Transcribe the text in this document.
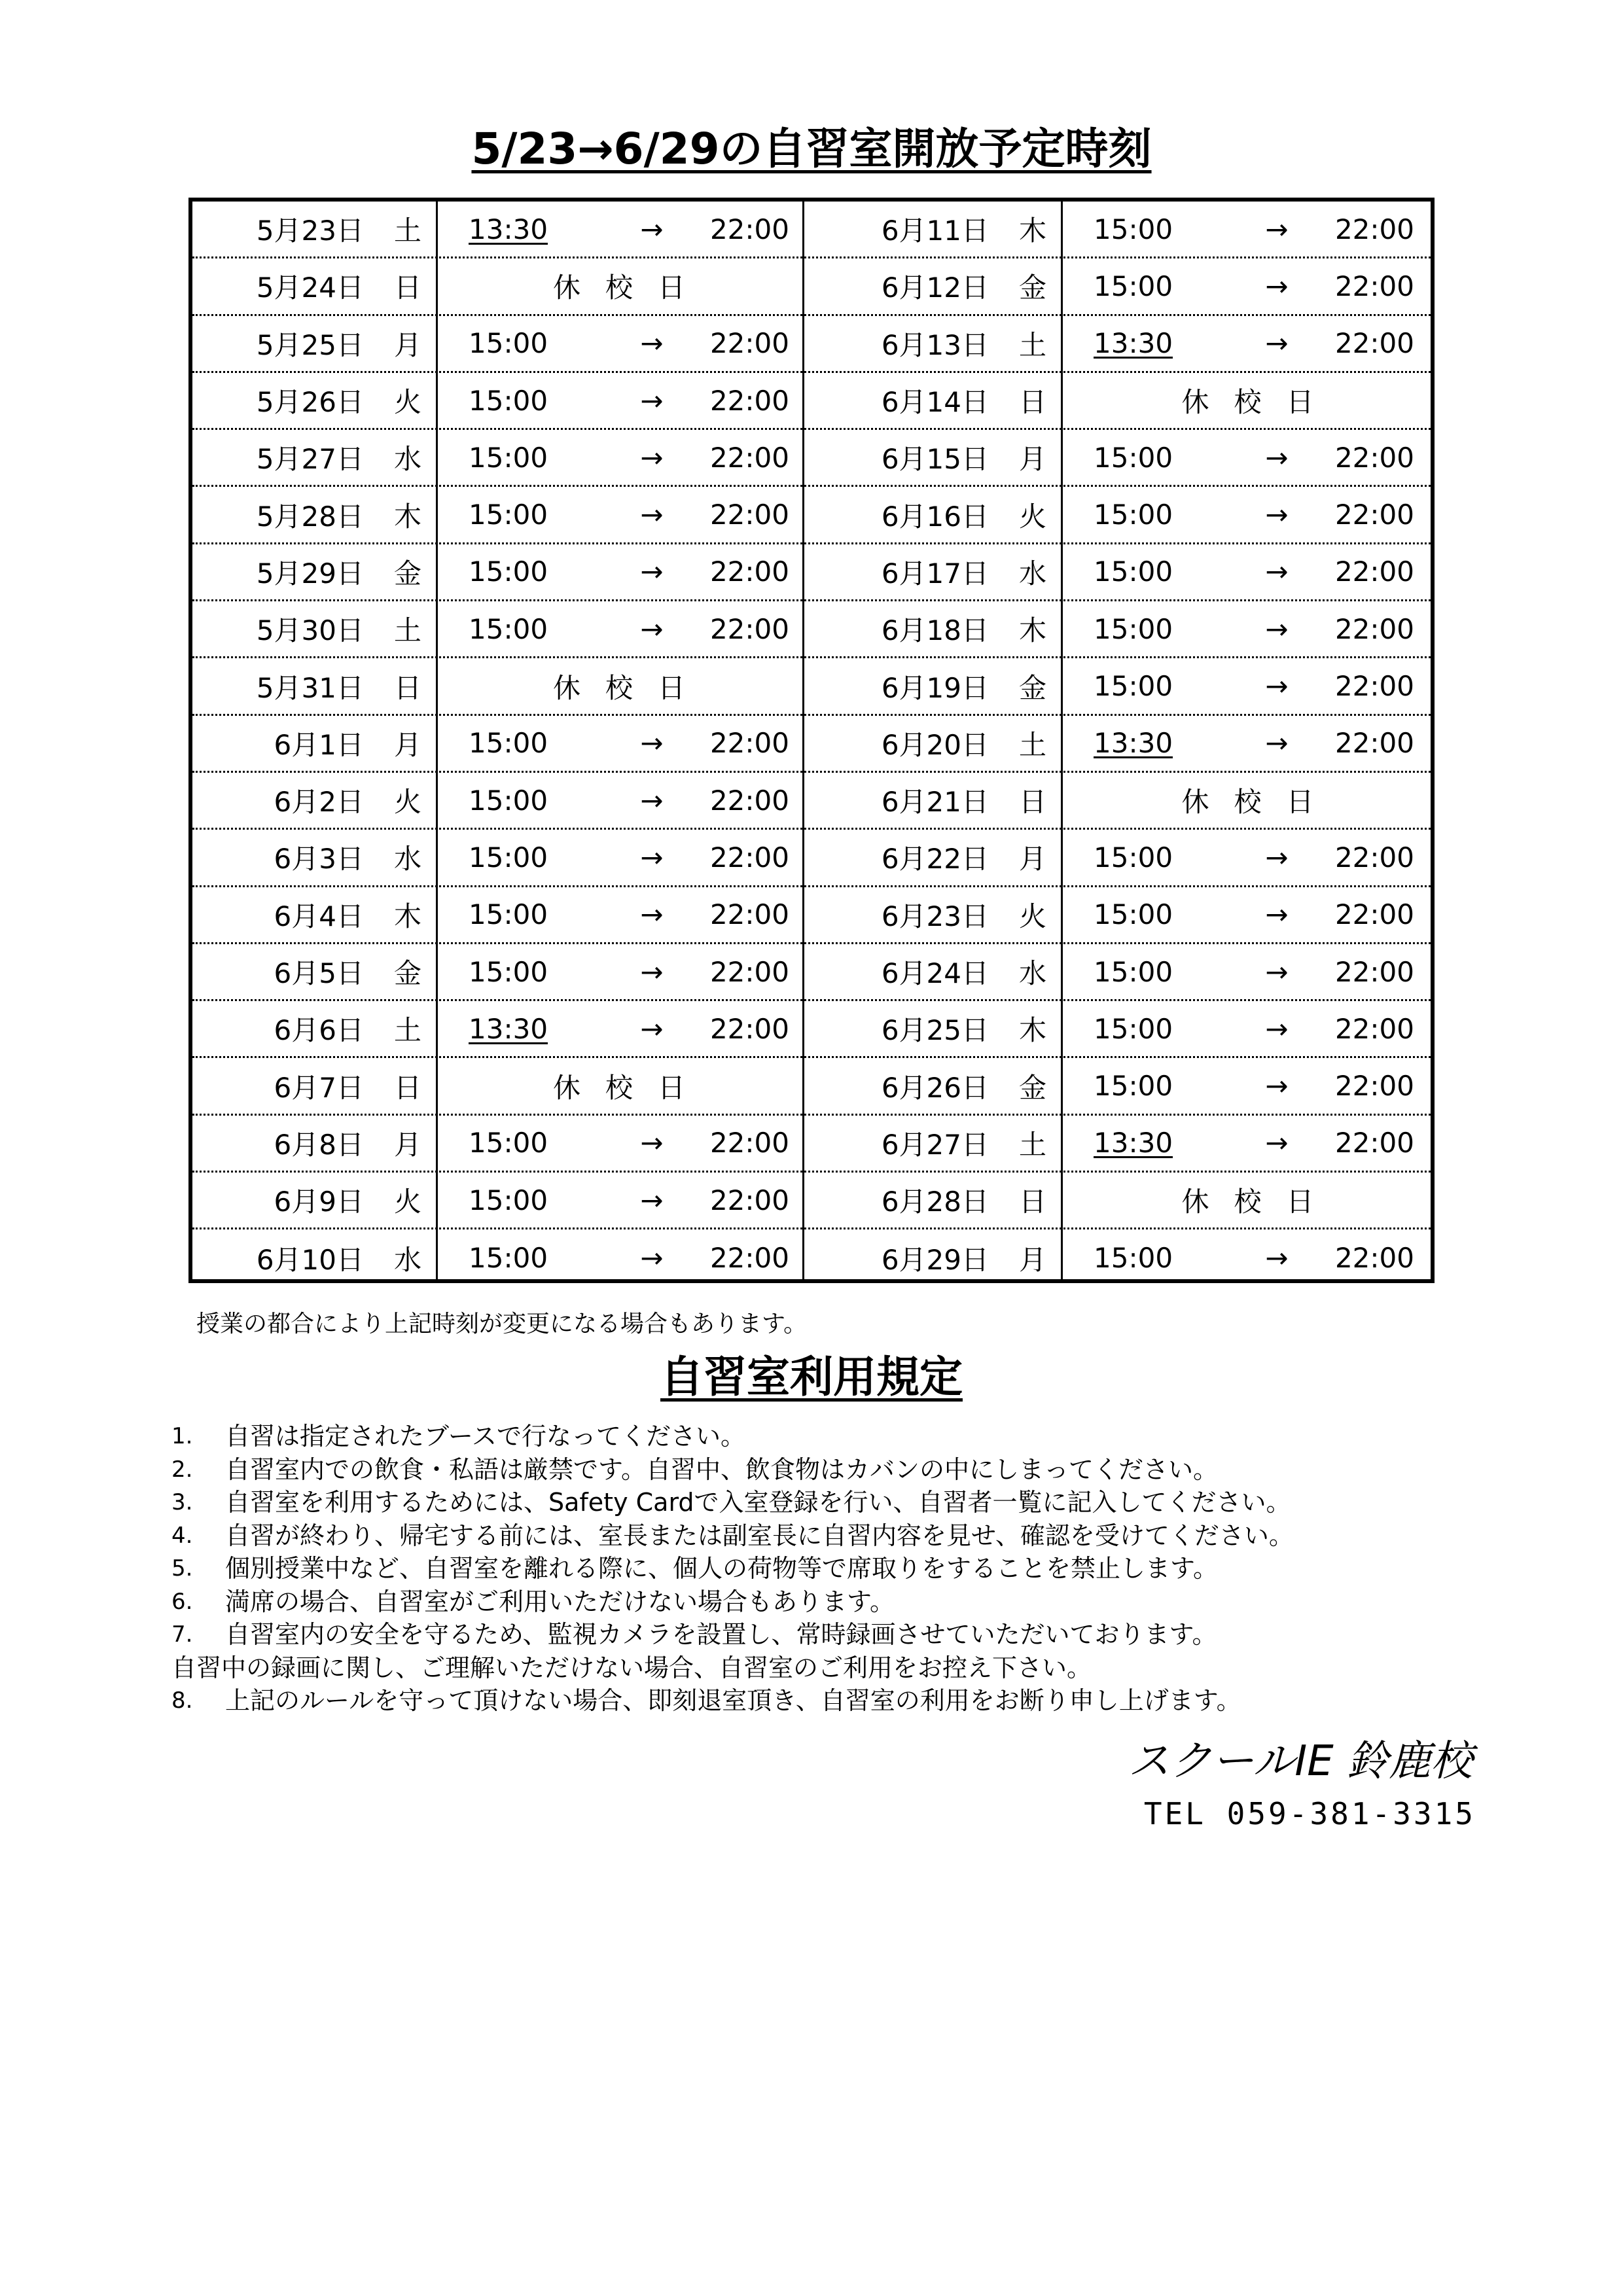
5/23→6/29の自習室開放予定時刻
5月23日 土 13:30	→	22:00
5月24日 日	休校日
5月25日 月 15:00	→	22:00
5月26日 火 15:00	→	22:00
5月27日 水 15:00	→	22:00
5月28日 木 15:00	→	22:00
5月29日 金 15:00	→	22:00
5月30日 土 15:00	→	22:00
5月31日 日	休校日
6月1日 月 15:00	→	22:00
6月2日 火 15:00	→	22:00
6月3日 水 15:00	→	22:00
6月4日 木 15:00	→	22:00
6月5日 金 15:00	→	22:00
6月6日 土 13:30	→	22:00
6月7日 日	休校日
6月8日 月 15:00	→	22:00
6月9日 火 15:00	→	22:00
6月10日 水 15:00	→	22:00
6月11日 木 15:00	→	22:00
6月12日 金 15:00	→	22:00
6月13日 土 13:30	→	22:00
6月14日 日	休校日
6月15日 月 15:00	→	22:00
6月16日 火 15:00	→	22:00
6月17日 水 15:00	→	22:00
6月18日 木 15:00	→	22:00
6月19日 金 15:00	→	22:00
6月20日 土 13:30	→	22:00
6月21日 日	休校日
6月22日 月 15:00	→	22:00
6月23日 火 15:00	→	22:00
6月24日 水 15:00	→	22:00
6月25日 木 15:00	→	22:00
6月26日 金 15:00	→	22:00
6月27日 土 13:30	→	22:00
6月28日 日	休校日
6月29日 月 15:00	→	22:00
授業の都合により上記時刻が変更になる場合もあります。
自習室利用規定
1.	自習は指定されたブースで行なってください。
2.	自習室内での飲食・私語は厳禁です。自習中、飲食物はカバンの中にしまってください。
3.	自習室を利用するためには、Safety Cardで入室登録を行い、自習者一覧に記入してください。
4.	自習が終わり、帰宅する前には、室長または副室長に自習内容を見せ、確認を受けてください。
5.	個別授業中など、自習室を離れる際に、個人の荷物等で席取りをすることを禁止します。
6.	満席の場合、自習室がご利用いただけない場合もあります。
7.	自習室内の安全を守るため、監視カメラを設置し、常時録画させていただいております。
自習中の録画に関し、ご理解いただけない場合、自習室のご利用をお控え下さい。
8.	上記のルールを守って頂けない場合、即刻退室頂き、自習室の利用をお断り申し上げます。
スクールIE 鈴鹿校
TEL 059-381-3315
